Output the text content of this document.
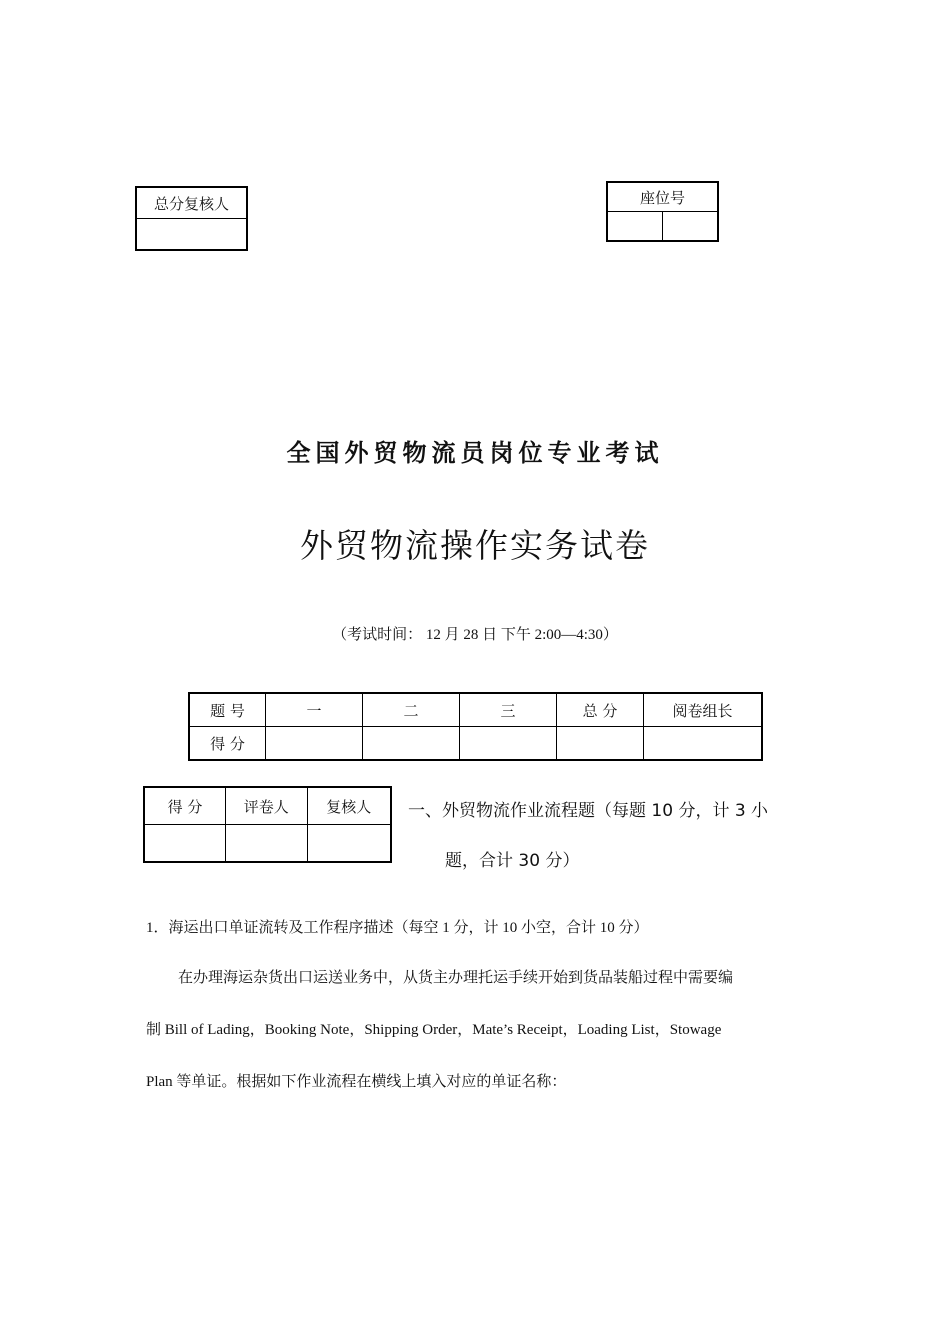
总分复核人	座位号

全国外贸物流员岗位专业考试
外贸物流操作实务试卷
（考试时间： 12 月 28 日 下午 2:00—4:30）
题 号	一	二	三	总 分	阅卷组长
得 分					
得 分	评卷人	复核人
		一、外贸物流作业流程题（每题 10 分，计 3 小
题，合计 30 分）
1．海运出口单证流转及工作程序描述（每空 1 分，计 10 小空，合计 10 分）
在办理海运杂货出口运送业务中，从货主办理托运手续开始到货品装船过程中需要编
制 Bill of Lading，Booking Note，Shipping Order，Mate’s Receipt，Loading List，Stowage
Plan 等单证。根据如下作业流程在横线上填入对应的单证名称：
